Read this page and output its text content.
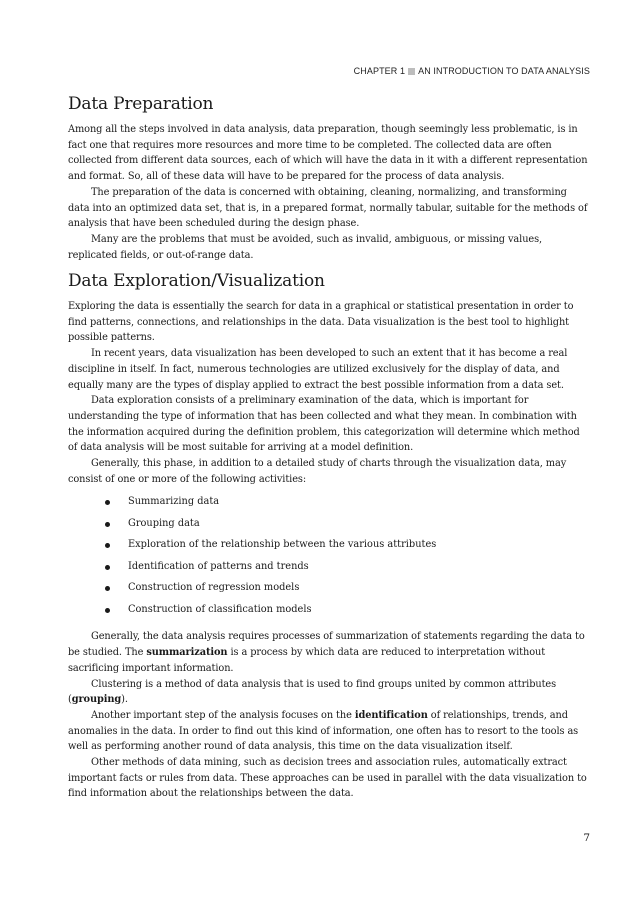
CHAPTER 1 AN INTRODUCTION TO DATA ANALYSIS
Data Preparation

Among all the steps involved in data analysis, data preparation, though seemingly less problematic, is in fact one that requires more resources and more time to be completed. The collected data are often collected from different data sources, each of which will have the data in it with a different representation and format. So, all of these data will have to be prepared for the process of data analysis.

The preparation of the data is concerned with obtaining, cleaning, normalizing, and transforming data into an optimized data set, that is, in a prepared format, normally tabular, suitable for the methods of analysis that have been scheduled during the design phase.

Many are the problems that must be avoided, such as invalid, ambiguous, or missing values, replicated fields, or out-of-range data.

Data Exploration/Visualization

Exploring the data is essentially the search for data in a graphical or statistical presentation in order to find patterns, connections, and relationships in the data. Data visualization is the best tool to highlight possible patterns.

In recent years, data visualization has been developed to such an extent that it has become a real discipline in itself. In fact, numerous technologies are utilized exclusively for the display of data, and equally many are the types of display applied to extract the best possible information from a data set.

Data exploration consists of a preliminary examination of the data, which is important for understanding the type of information that has been collected and what they mean. In combination with the information acquired during the definition problem, this categorization will determine which method of data analysis will be most suitable for arriving at a model definition.

Generally, this phase, in addition to a detailed study of charts through the visualization data, may consist of one or more of the following activities:

Summarizing data
Grouping data
Exploration of the relationship between the various attributes
Identification of patterns and trends
Construction of regression models
Construction of classification models

Generally, the data analysis requires processes of summarization of statements regarding the data to be studied. The summarization is a process by which data are reduced to interpretation without sacrificing important information.

Clustering is a method of data analysis that is used to find groups united by common attributes (grouping).

Another important step of the analysis focuses on the identification of relationships, trends, and anomalies in the data. In order to find out this kind of information, one often has to resort to the tools as well as performing another round of data analysis, this time on the data visualization itself.

Other methods of data mining, such as decision trees and association rules, automatically extract important facts or rules from data. These approaches can be used in parallel with the data visualization to find information about the relationships between the data.

7
